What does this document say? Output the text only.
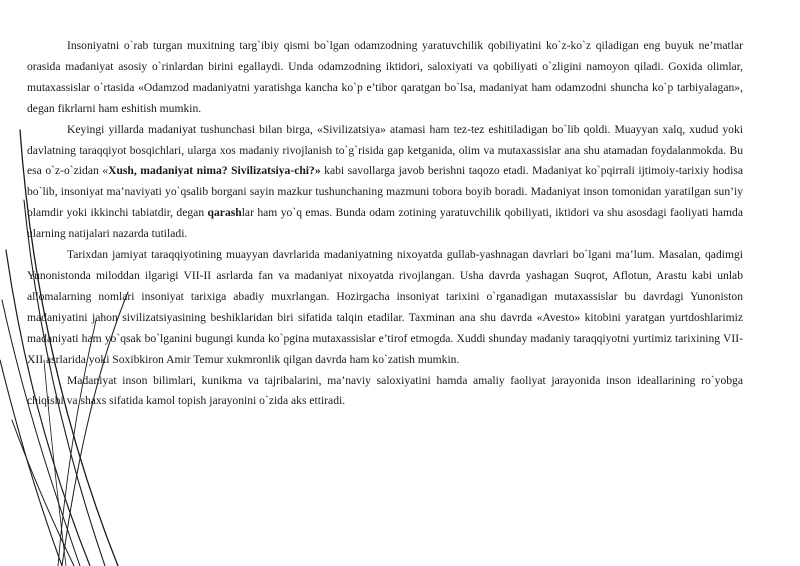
Insoniyatni o`rab turgan muxitning targ`ibiy qismi bo`lgan odamzodning yaratuvchilik qobiliyatini ko`z-ko`z qiladigan eng buyuk ne’matlar orasida madaniyat asosiy o`rinlardan birini egallaydi. Unda odamzodning iktidori, saloxiyati va qobiliyati o`zligini namoyon qiladi. Goxida olimlar, mutaxassislar o`rtasida «Odamzod madaniyatni yaratishga kancha ko`p e’tibor qaratgan bo`lsa, madaniyat ham odamzodni shuncha ko`p tarbiyalagan», degan fikrlarni ham eshitish mumkin.

Keyingi yillarda madaniyat tushunchasi bilan birga, «Sivilizatsiya» atamasi ham tez-tez eshitiladigan bo`lib qoldi. Muayyan xalq, xudud yoki davlatning taraqqiyot bosqichlari, ularga xos madaniy rivojlanish to`g`risida gap ketganida, olim va mutaxassislar ana shu atamadan foydalanmokda. Bu esa o`z-o`zidan «Xush, madaniyat nima? Sivilizatsiya-chi?» kabi savollarga javob berishni taqozo etadi. Madaniyat ko`pqirrali ijtimoiy-tarixiy hodisa bo`lib, insoniyat ma’naviyati yo`qsalib borgani sayin mazkur tushunchaning mazmuni tobora boyib boradi. Madaniyat inson tomonidan yaratilgan sun’iy olamdir yoki ikkinchi tabiatdir, degan qarashlar ham yo`q emas. Bunda odam zotining yaratuvchilik qobiliyati, iktidori va shu asosdagi faoliyati hamda ularning natijalari nazarda tutiladi.

Tarixdan jamiyat taraqqiyotining muayyan davrlarida madaniyatning nixoyatda gullab-yashnagan davrlari bo`lgani ma’lum. Masalan, qadimgi Yunonistonda miloddan ilgarigi VII-II asrlarda fan va madaniyat nixoyatda rivojlangan. Usha davrda yashagan Suqrot, Aflotun, Arastu kabi unlab allomalarning nomlari insoniyat tarixiga abadiy muxrlangan. Hozirgacha insoniyat tarixini o`rganadigan mutaxassislar bu davrdagi Yunoniston madaniyatini jahon sivilizatsiyasining beshiklaridan biri sifatida talqin etadilar. Taxminan ana shu davrda «Avesto» kitobini yaratgan yurtdoshlarimiz madaniyati ham yo`qsak bo`lganini bugungi kunda ko`pgina mutaxassislar e’tirof etmogda. Xuddi shunday madaniy taraqqiyotni yurtimiz tarixining VII-XII asrlarida yoki Soxibkiron Amir Temur xukmronlik qilgan davrda ham ko`zatish mumkin.

Madaniyat inson bilimlari, kunikma va tajribalarini, ma’naviy saloxiyatini hamda amaliy faoliyat jarayonida inson ideallarining ro`yobga chiqishi va shaxs sifatida kamol topish jarayonini o`zida aks ettiradi.
